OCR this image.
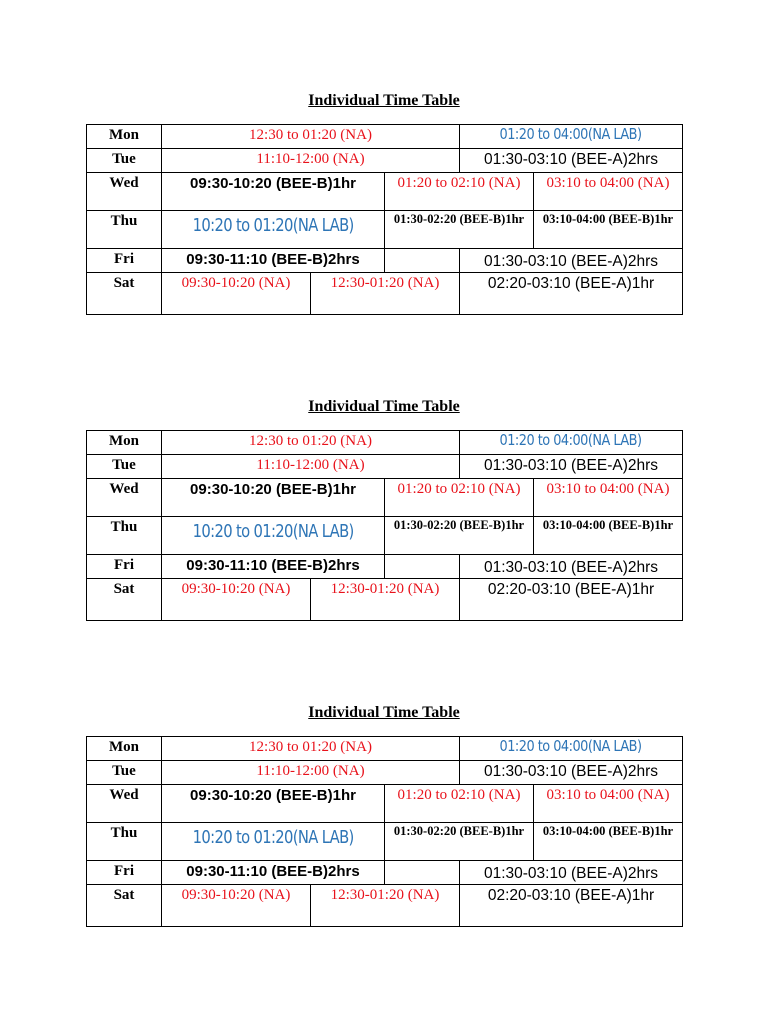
Individual Time Table
Mon	12:30 to 01:20 (NA)			01:20 to 04:00(NA LAB)	
Tue	11:10-12:00 (NA)			01:30-03:10 (BEE-A)2hrs	
Wed	09:30-10:20 (BEE-B)1hr		01:20 to 02:10 (NA)		03:10 to 04:00 (NA)
Thu	10:20 to 01:20(NA LAB)		01:30-02:20 (BEE-B)1hr		03:10-04:00 (BEE-B)1hr
Fri	09:30-11:10 (BEE-B)2hrs			01:30-03:10 (BEE-A)2hrs	
Sat	09:30-10:20 (NA)	12:30-01:20 (NA)		02:20-03:10 (BEE-A)1hr	
Individual Time Table
Mon	12:30 to 01:20 (NA)			01:20 to 04:00(NA LAB)	
Tue	11:10-12:00 (NA)			01:30-03:10 (BEE-A)2hrs	
Wed	09:30-10:20 (BEE-B)1hr		01:20 to 02:10 (NA)		03:10 to 04:00 (NA)
Thu	10:20 to 01:20(NA LAB)		01:30-02:20 (BEE-B)1hr		03:10-04:00 (BEE-B)1hr
Fri	09:30-11:10 (BEE-B)2hrs			01:30-03:10 (BEE-A)2hrs	
Sat	09:30-10:20 (NA)	12:30-01:20 (NA)		02:20-03:10 (BEE-A)1hr	
Individual Time Table
Mon	12:30 to 01:20 (NA)			01:20 to 04:00(NA LAB)	
Tue	11:10-12:00 (NA)			01:30-03:10 (BEE-A)2hrs	
Wed	09:30-10:20 (BEE-B)1hr		01:20 to 02:10 (NA)		03:10 to 04:00 (NA)
Thu	10:20 to 01:20(NA LAB)		01:30-02:20 (BEE-B)1hr		03:10-04:00 (BEE-B)1hr
Fri	09:30-11:10 (BEE-B)2hrs			01:30-03:10 (BEE-A)2hrs	
Sat	09:30-10:20 (NA)	12:30-01:20 (NA)		02:20-03:10 (BEE-A)1hr	
